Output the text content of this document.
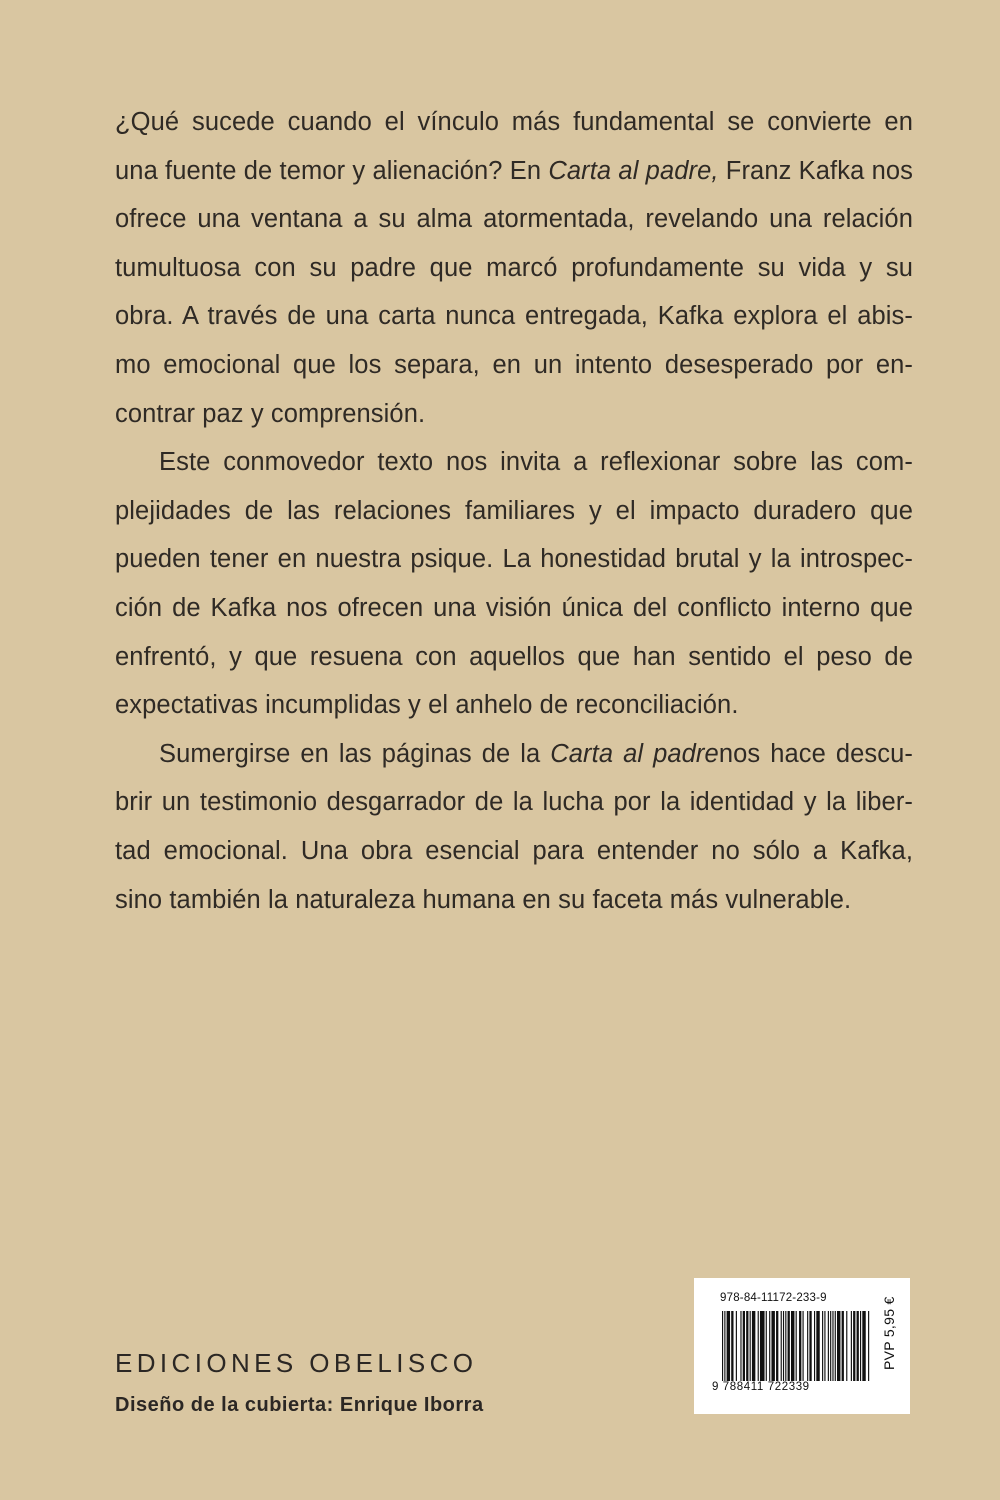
¿Qué sucede cuando el vínculo más fundamental se convierte en
una fuente de temor y alienación? En Carta al padre, Franz Kafka nos
ofrece una ventana a su alma atormentada, revelando una relación
tumultuosa con su padre que marcó profundamente su vida y su
obra. A través de una carta nunca entregada, Kafka explora el abis-
mo emocional que los separa, en un intento desesperado por en-
contrar paz y comprensión.
Este conmovedor texto nos invita a reflexionar sobre las com-
plejidades de las relaciones familiares y el impacto duradero que
pueden tener en nuestra psique. La honestidad brutal y la introspec-
ción de Kafka nos ofrecen una visión única del conflicto interno que
enfrentó, y que resuena con aquellos que han sentido el peso de
expectativas incumplidas y el anhelo de reconciliación.
Sumergirse en las páginas de la Carta al padrenos hace descu-
brir un testimonio desgarrador de la lucha por la identidad y la liber-
tad emocional. Una obra esencial para entender no sólo a Kafka,
sino también la naturaleza humana en su faceta más vulnerable.
EDICIONES OBELISCO
Diseño de la cubierta: Enrique Iborra
978-84-11172-233-9
9 788411 722339
PVP 5,95 €
